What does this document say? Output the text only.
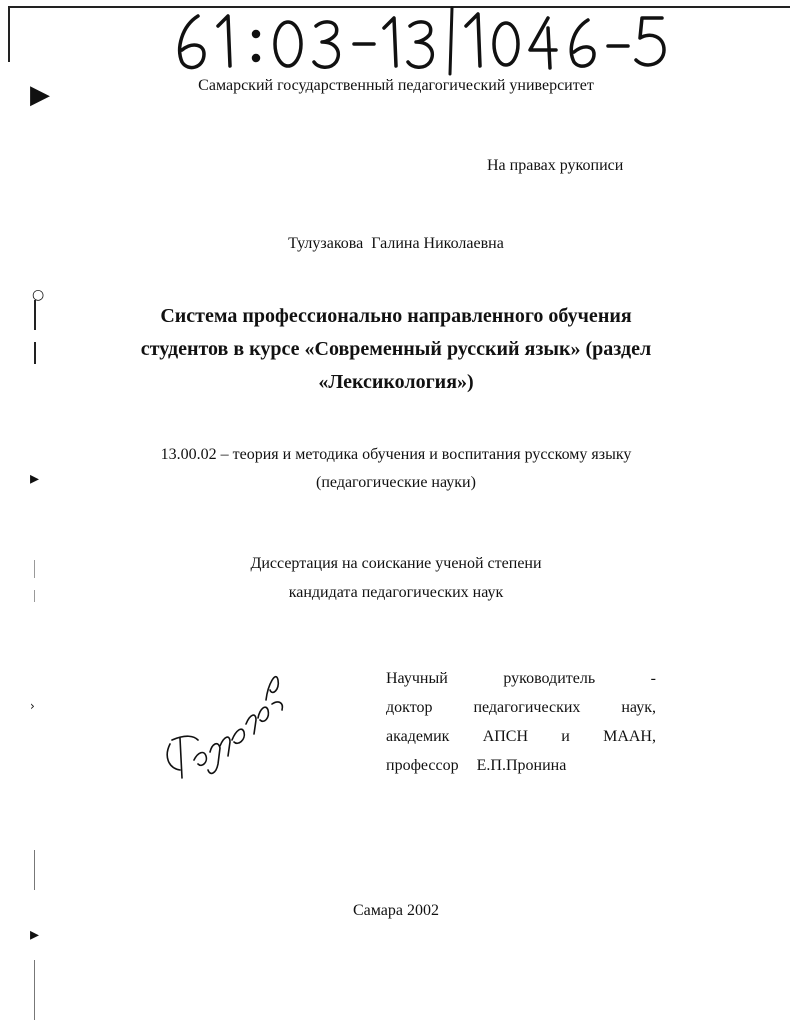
▶
○
▸
›
▸
Самарский государственный педагогический университет
На правах рукописи
Тулузакова  Галина Николаевна
Система профессионально направленного обучения
студентов в курсе «Современный русский язык» (раздел
«Лексикология»)
13.00.02 – теория и методика обучения и воспитания русскому языку
(педагогические науки)
Диссертация на соискание ученой степени
кандидата педагогических наук
Научный	руководитель	-
доктор	педагогических	наук,
академик АПСН и МААН,
профессор Е.П.Пронина
Самара 2002
